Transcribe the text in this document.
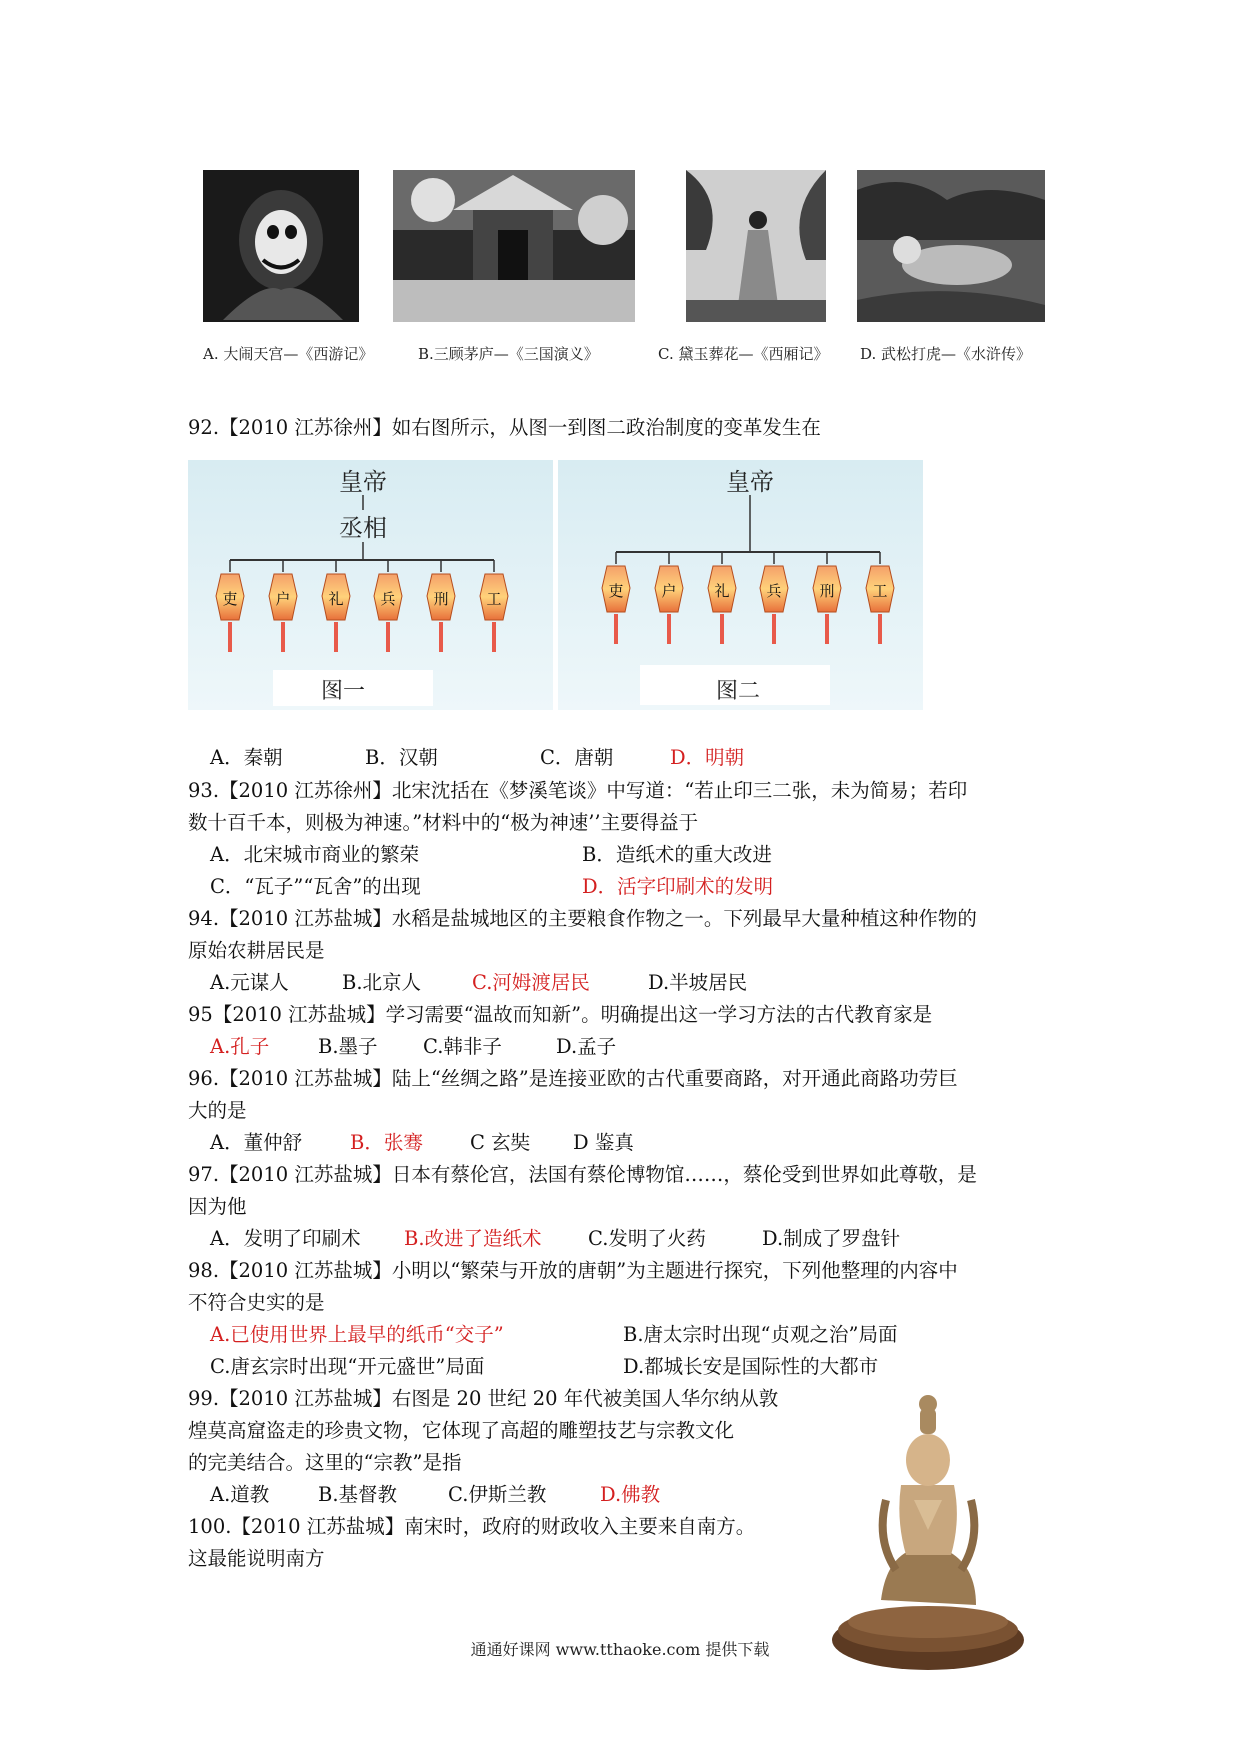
A. 大闹天宫—《西游记》	B.三顾茅庐—《三国演义》	C. 黛玉葬花—《西厢记》 D. 武松打虎—《水浒传》
92.【2010 江苏徐州】如右图所示，从图一到图二政治制度的变革发生在
皇帝
丞相
吏	户	礼 兵	刑	工
图一
皇帝
吏	户	礼 兵	刑	工
图二
A．秦朝	B．汉朝	C．唐朝	D．明朝
93.【2010 江苏徐州】北宋沈括在《梦溪笔谈》中写道：“若止印三二张，未为简易；若印
数十百千本，则极为神速。”材料中的“极为神速’’主要得益于
A．北宋城市商业的繁荣	B．造纸术的重大改进
C．“瓦子”“瓦舍”的出现	D．活字印刷术的发明
94.【2010 江苏盐城】水稻是盐城地区的主要粮食作物之一。下列最早大量种植这种作物的
原始农耕居民是
A.元谋人	B.北京人	C.河姆渡居民	D.半坡居民
95【2010 江苏盐城】学习需要“温故而知新”。明确提出这一学习方法的古代教育家是
A.孔子 B.墨子 C.韩非子	D.孟子
96.【2010 江苏盐城】陆上“丝绸之路”是连接亚欧的古代重要商路，对开通此商路功劳巨
大的是
A．董仲舒 B．张骞 C 玄奘 D 鉴真
97.【2010 江苏盐城】日本有蔡伦宫，法国有蔡伦博物馆……，蔡伦受到世界如此尊敬，是
因为他
A．发明了印刷术 B.改进了造纸术 C.发明了火药	D.制成了罗盘针
98.【2010 江苏盐城】小明以“繁荣与开放的唐朝”为主题进行探究，下列他整理的内容中
不符合史实的是
A.已使用世界上最早的纸币“交子”	B.唐太宗时出现“贞观之治”局面
C.唐玄宗时出现“开元盛世”局面	D.都城长安是国际性的大都市
99.【2010 江苏盐城】右图是 20 世纪 20 年代被美国人华尔纳从敦
煌莫高窟盗走的珍贵文物，它体现了高超的雕塑技艺与宗教文化
的完美结合。这里的“宗教”是指
A.道教 B.基督教	C.伊斯兰教	D.佛教
100.【2010 江苏盐城】南宋时，政府的财政收入主要来自南方。
这最能说明南方
通通好课网 www.tthaoke.com 提供下载
